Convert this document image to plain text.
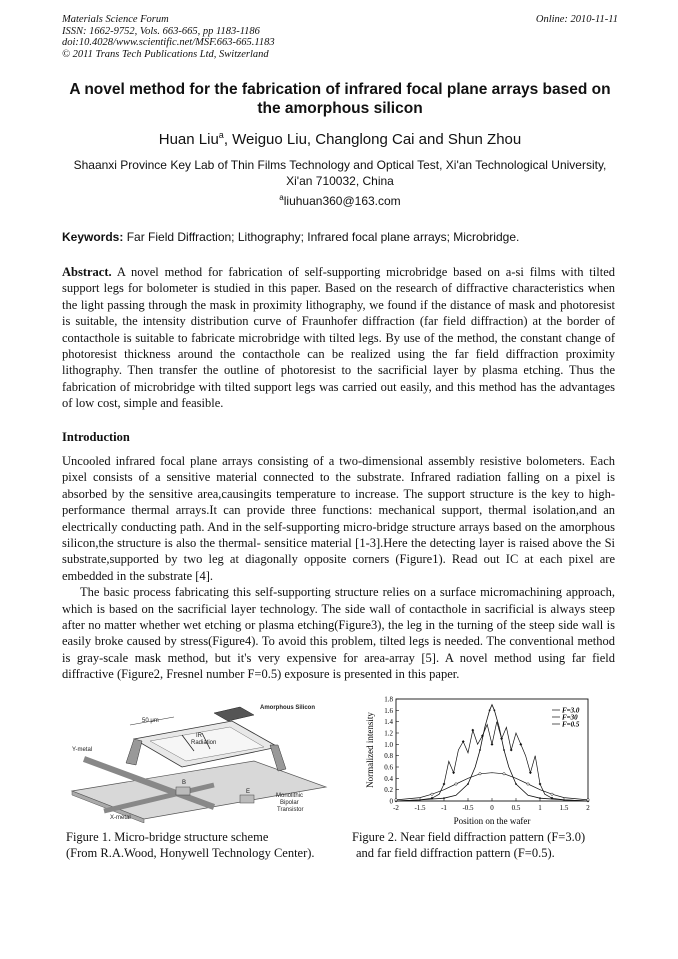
Materials Science Forum
ISSN: 1662-9752, Vols. 663-665, pp 1183-1186
doi:10.4028/www.scientific.net/MSF.663-665.1183
© 2011 Trans Tech Publications Ltd, Switzerland
Online: 2010-11-11
A novel method for the fabrication of infrared focal plane arrays based on the amorphous silicon
Huan Liu$^a$, Weiguo Liu, Changlong Cai and Shun Zhou
Shaanxi Province Key Lab of Thin Films Technology and Optical Test, Xi'an Technological University, Xi'an 710032, China
$^a$liuhuan360@163.com
Keywords: Far Field Diffraction; Lithography; Infrared focal plane arrays; Microbridge.
Abstract. A novel method for fabrication of self-supporting microbridge based on a-si films with tilted support legs for bolometer is studied in this paper. Based on the research of diffractive characteristics when the light passing through the mask in proximity lithography, we found if the distance of mask and photoresist is suitable, the intensity distribution curve of Fraunhofer diffraction (far field diffraction) at the border of contacthole is suitable to fabricate microbridge with tilted legs. By use of the method, the constant change of photoresist thickness around the contacthole can be realized using the far field diffraction proximity lithography. Then transfer the outline of photoresist to the sacrificial layer by plasma etching. Thus the fabrication of microbridge with tilted support legs was carried out easily, and this method has the advantages of low cost, simple and feasible.
Introduction

Uncooled infrared focal plane arrays consisting of a two-dimensional assembly resistive bolometers. Each pixel consists of a sensitive material connected to the substrate. Infrared radiation falling on a pixel is absorbed by the sensitive area,causingits temperature to increase. The support structure is the key to high-performance thermal arrays.It can provide three functions: mechanical support, thermal isolation,and an electrically conducting path. And in the self-supporting micro-bridge structure arrays based on the amorphous silicon,the structure is also the thermal- sensitice material [1-3].Here the detecting layer is raised above the Si substrate,supported by two leg at diagonally opposite corners (Figure1). Read out IC at each pixel are embedded in the substrate [4].

The basic process fabricating this self-supporting structure relies on a surface micromachining approach, which is based on the sacrificial layer technology. The side wall of contacthole in sacrificial is always steep after no matter whether wet etching or plasma etching(Figure3), the leg in the turning of the steep side wall is easily broke caused by stress(Figure4). To avoid this problem, tilted legs is needed. The conventional method is gray-scale mask method, but it's very expensive for area-array [5]. A novel method using far field diffractive (Figure2, Fresnel number F=0.5) exposure is presented in this paper.

Amorphous Silicon
50 μm
IR
Radiation
Y-metal
X-metal
B
E
Monolithic
Bipolar
Transistor	-2 -1.5 -1 -0.5 0	0.5	1	1.5	2
0
0.2
0.4
0.6
0.8
1.0
1.2
1.4
1.6
1.8
F=3.0
F=30
F=0.5
Position on the wafer
Normalized intensity
Figure 1. Micro-bridge structure scheme
(From R.A.Wood, Honywell Technology Center).
Figure 2. Near field diffraction pattern (F=3.0)
and far field diffraction pattern (F=0.5).
